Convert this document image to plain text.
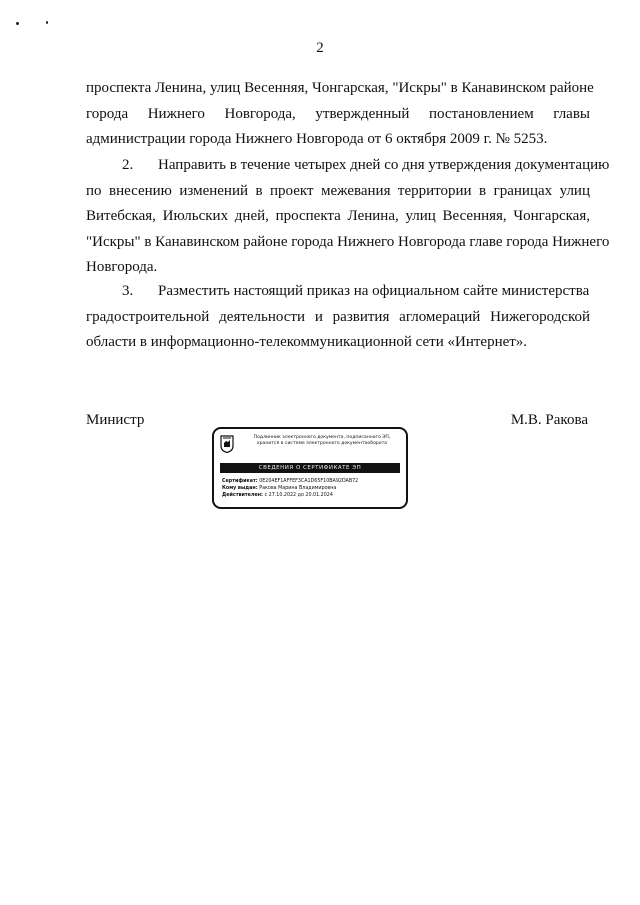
2
проспекта Ленина, улиц Весенняя, Чонгарская, "Искры" в Канавинском районе
города Нижнего Новгорода, утвержденный постановлением главы
администрации города Нижнего Новгорода от 6 октября 2009 г. № 5253.
2. Направить в течение четырех дней со дня утверждения документацию
по внесению изменений в проект межевания территории в границах улиц
Витебская, Июльских дней, проспекта Ленина, улиц Весенняя, Чонгарская,
"Искры" в Канавинском районе города Нижнего Новгорода главе города Нижнего
Новгорода.
3. Разместить настоящий приказ на официальном сайте министерства
градостроительной деятельности и развития агломераций Нижегородской
области в информационно-телекоммуникационной сети «Интернет».
Министр	М.В. Ракова
Подлинник электронного документа, подписанного ЭП,
хранится в системе электронного документооборота
СВЕДЕНИЯ О СЕРТИФИКАТЕ ЭП
Сертификат: 0E204EF1AFFEF3CA1D65F10BA92DAB72
Кому выдан: Ракова Марина Владимировна
Действителен: с 27.10.2022 до 20.01.2024
